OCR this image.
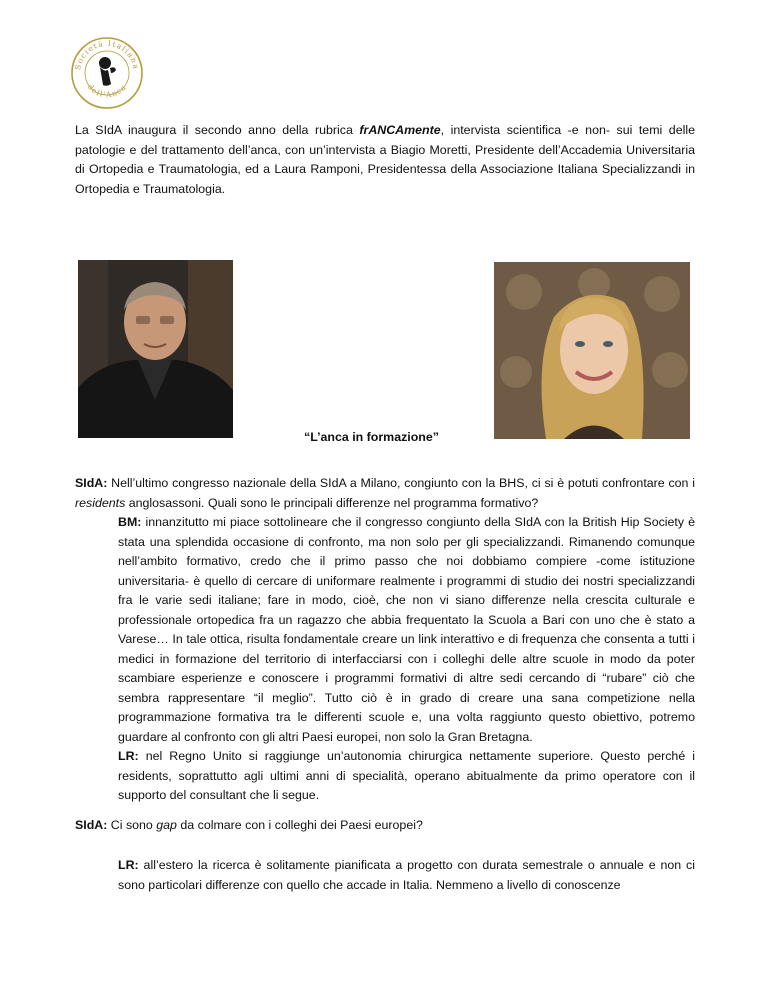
Società Italiana
dell'Anca

La SIdA inaugura il secondo anno della rubrica frANCAmente, intervista scientifica -e non- sui temi delle patologie e del trattamento dell’anca, con un’intervista a Biagio Moretti, Presidente dell’Accademia Universitaria di Ortopedia e Traumatologia, ed a Laura Ramponi, Presidentessa della Associazione Italiana Specializzandi in Ortopedia e Traumatologia.

“L’anca in formazione”

SIdA: Nell’ultimo congresso nazionale della SIdA a Milano, congiunto con la BHS, ci si è potuti confrontare con i residents anglosassoni. Quali sono le principali differenze nel programma formativo?

BM: innanzitutto mi piace sottolineare che il congresso congiunto della SIdA con la British Hip Society è stata una splendida occasione di confronto, ma non solo per gli specializzandi. Rimanendo comunque nell’ambito formativo, credo che il primo passo che noi dobbiamo compiere -come istituzione universitaria- è quello di cercare di uniformare realmente i programmi di studio dei nostri specializzandi fra le varie sedi italiane; fare in modo, cioè, che non vi siano differenze nella crescita culturale e professionale ortopedica fra un ragazzo che abbia frequentato la Scuola a Bari con uno che è stato a Varese… In tale ottica, risulta fondamentale creare un link interattivo e di frequenza che consenta a tutti i medici in formazione del territorio di interfacciarsi con i colleghi delle altre scuole in modo da poter scambiare esperienze e conoscere i programmi formativi di altre sedi cercando di “rubare” ciò che sembra rappresentare “il meglio”. Tutto ciò è in grado di creare una sana competizione nella programmazione formativa tra le differenti scuole e, una volta raggiunto questo obiettivo, potremo guardare al confronto con gli altri Paesi europei, non solo la Gran Bretagna.
LR: nel Regno Unito si raggiunge un’autonomia chirurgica nettamente superiore. Questo perché i residents, soprattutto agli ultimi anni di specialità, operano abitualmente da primo operatore con il supporto del consultant che li segue.

SIdA: Ci sono gap da colmare con i colleghi dei Paesi europei?

LR: all’estero la ricerca è solitamente pianificata a progetto con durata semestrale o annuale e non ci sono particolari differenze con quello che accade in Italia. Nemmeno a livello di conoscenze
